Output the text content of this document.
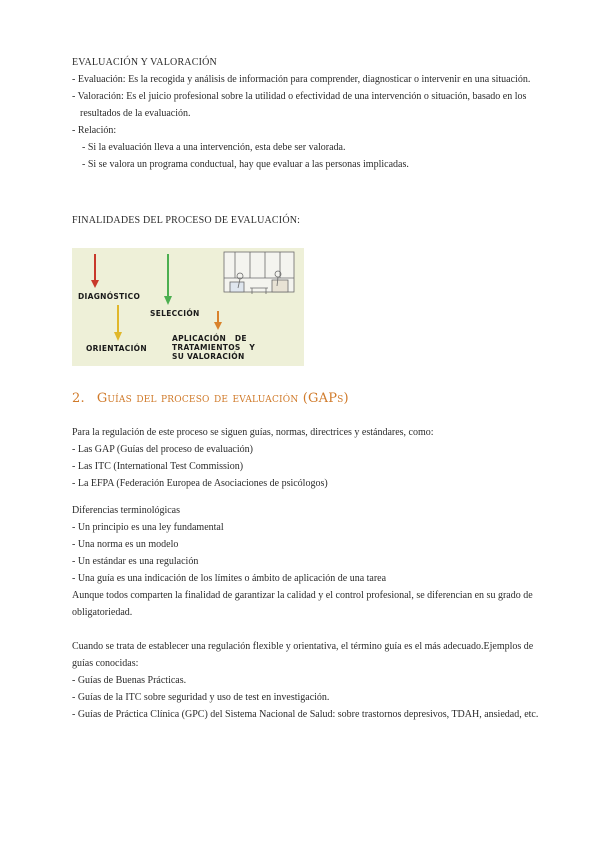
EVALUACIÓN Y VALORACIÓN

- Evaluación: Es la recogida y análisis de información para comprender, diagnosticar o intervenir en una situación.

- Valoración: Es el juicio profesional sobre la utilidad o efectividad de una intervención o situación, basado en los resultados de la evaluación.

- Relación:

- Si la evaluación lleva a una intervención, esta debe ser valorada.

- Si se valora un programa conductual, hay que evaluar a las personas implicadas.

FINALIDADES DEL PROCESO DE EVALUACIÓN:

DIAGNÓSTICO
SELECCIÓN
ORIENTACIÓN
APLICACIÓN   DE
TRATAMIENTOS   Y
SU VALORACIÓN
2. Guías del proceso de evaluación (GAPs)

Para la regulación de este proceso se siguen guías, normas, directrices y estándares, como:

- Las GAP (Guías del proceso de evaluación)

- Las ITC (International Test Commission)

- La EFPA (Federación Europea de Asociaciones de psicólogos)

Diferencias terminológicas

- Un principio es una ley fundamental

- Una norma es un modelo

- Un estándar es una regulación

- Una guía es una indicación de los límites o ámbito de aplicación de una tarea

Aunque todos comparten la finalidad de garantizar la calidad y el control profesional, se diferencian en su grado de obligatoriedad.

Cuando se trata de establecer una regulación flexible y orientativa, el término guía es el más adecuado.Ejemplos de guías conocidas:

- Guías de Buenas Prácticas.

- Guías de la ITC sobre seguridad y uso de test en investigación.

- Guías de Práctica Clínica (GPC) del Sistema Nacional de Salud: sobre trastornos depresivos, TDAH, ansiedad, etc.
